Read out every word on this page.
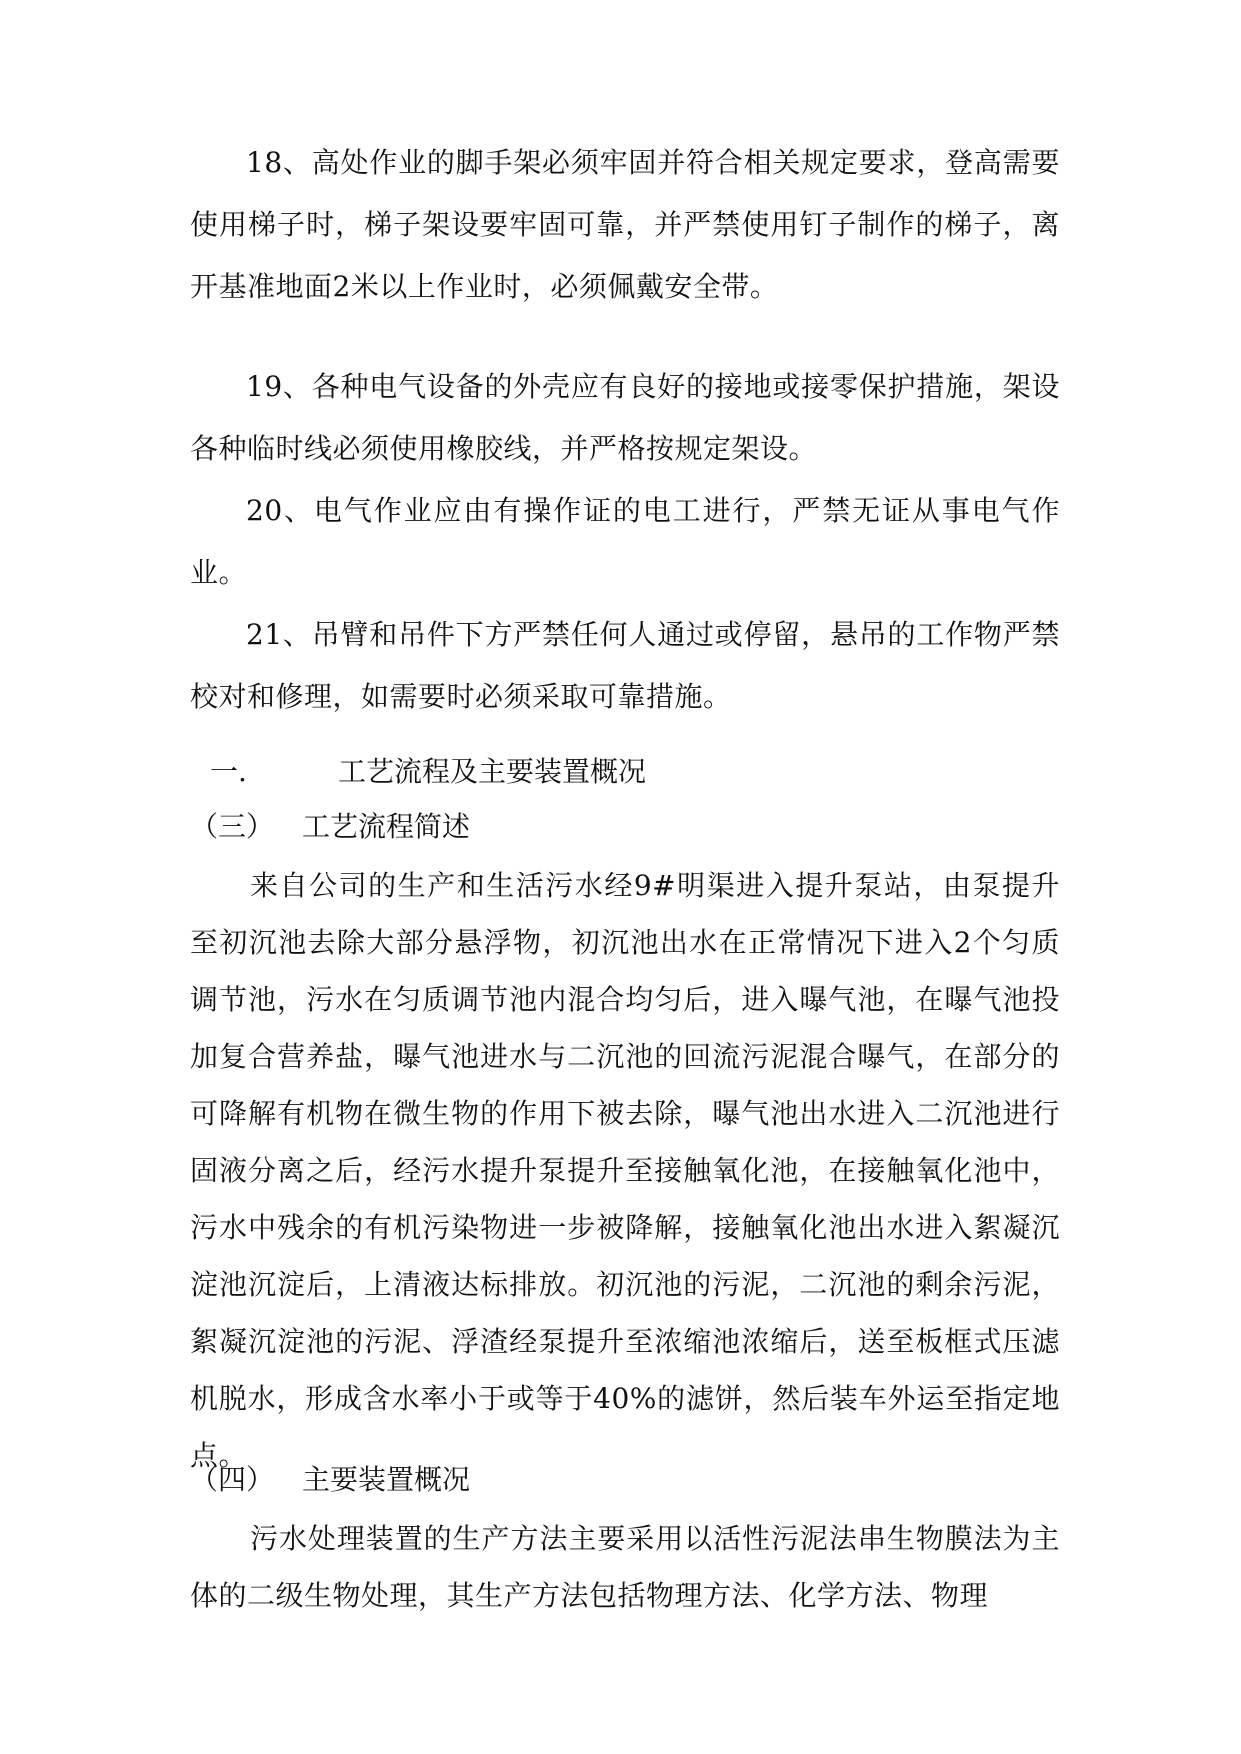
18、高处作业的脚手架必须牢固并符合相关规定要求，登高需要使用梯子时，梯子架设要牢固可靠，并严禁使用钉子制作的梯子，离开基准地面2米以上作业时，必须佩戴安全带。

19、各种电气设备的外壳应有良好的接地或接零保护措施，架设各种临时线必须使用橡胶线，并严格按规定架设。

20、电气作业应由有操作证的电工进行，严禁无证从事电气作业。

21、吊臂和吊件下方严禁任何人通过或停留，悬吊的工作物严禁校对和修理，如需要时必须采取可靠措施。

一.	工艺流程及主要装置概况
（三） 工艺流程简述

来自公司的生产和生活污水经9#明渠进入提升泵站，由泵提升至初沉池去除大部分悬浮物，初沉池出水在正常情况下进入2个匀质调节池，污水在匀质调节池内混合均匀后，进入曝气池，在曝气池投加复合营养盐，曝气池进水与二沉池的回流污泥混合曝气，在部分的可降解有机物在微生物的作用下被去除，曝气池出水进入二沉池进行固液分离之后，经污水提升泵提升至接触氧化池，在接触氧化池中，污水中残余的有机污染物进一步被降解，接触氧化池出水进入絮凝沉淀池沉淀后，上清液达标排放。初沉池的污泥，二沉池的剩余污泥，絮凝沉淀池的污泥、浮渣经泵提升至浓缩池浓缩后，送至板框式压滤机脱水，形成含水率小于或等于40%的滤饼，然后装车外运至指定地点。

（四） 主要装置概况

污水处理装置的生产方法主要采用以活性污泥法串生物膜法为主体的二级生物处理，其生产方法包括物理方法、化学方法、物理
